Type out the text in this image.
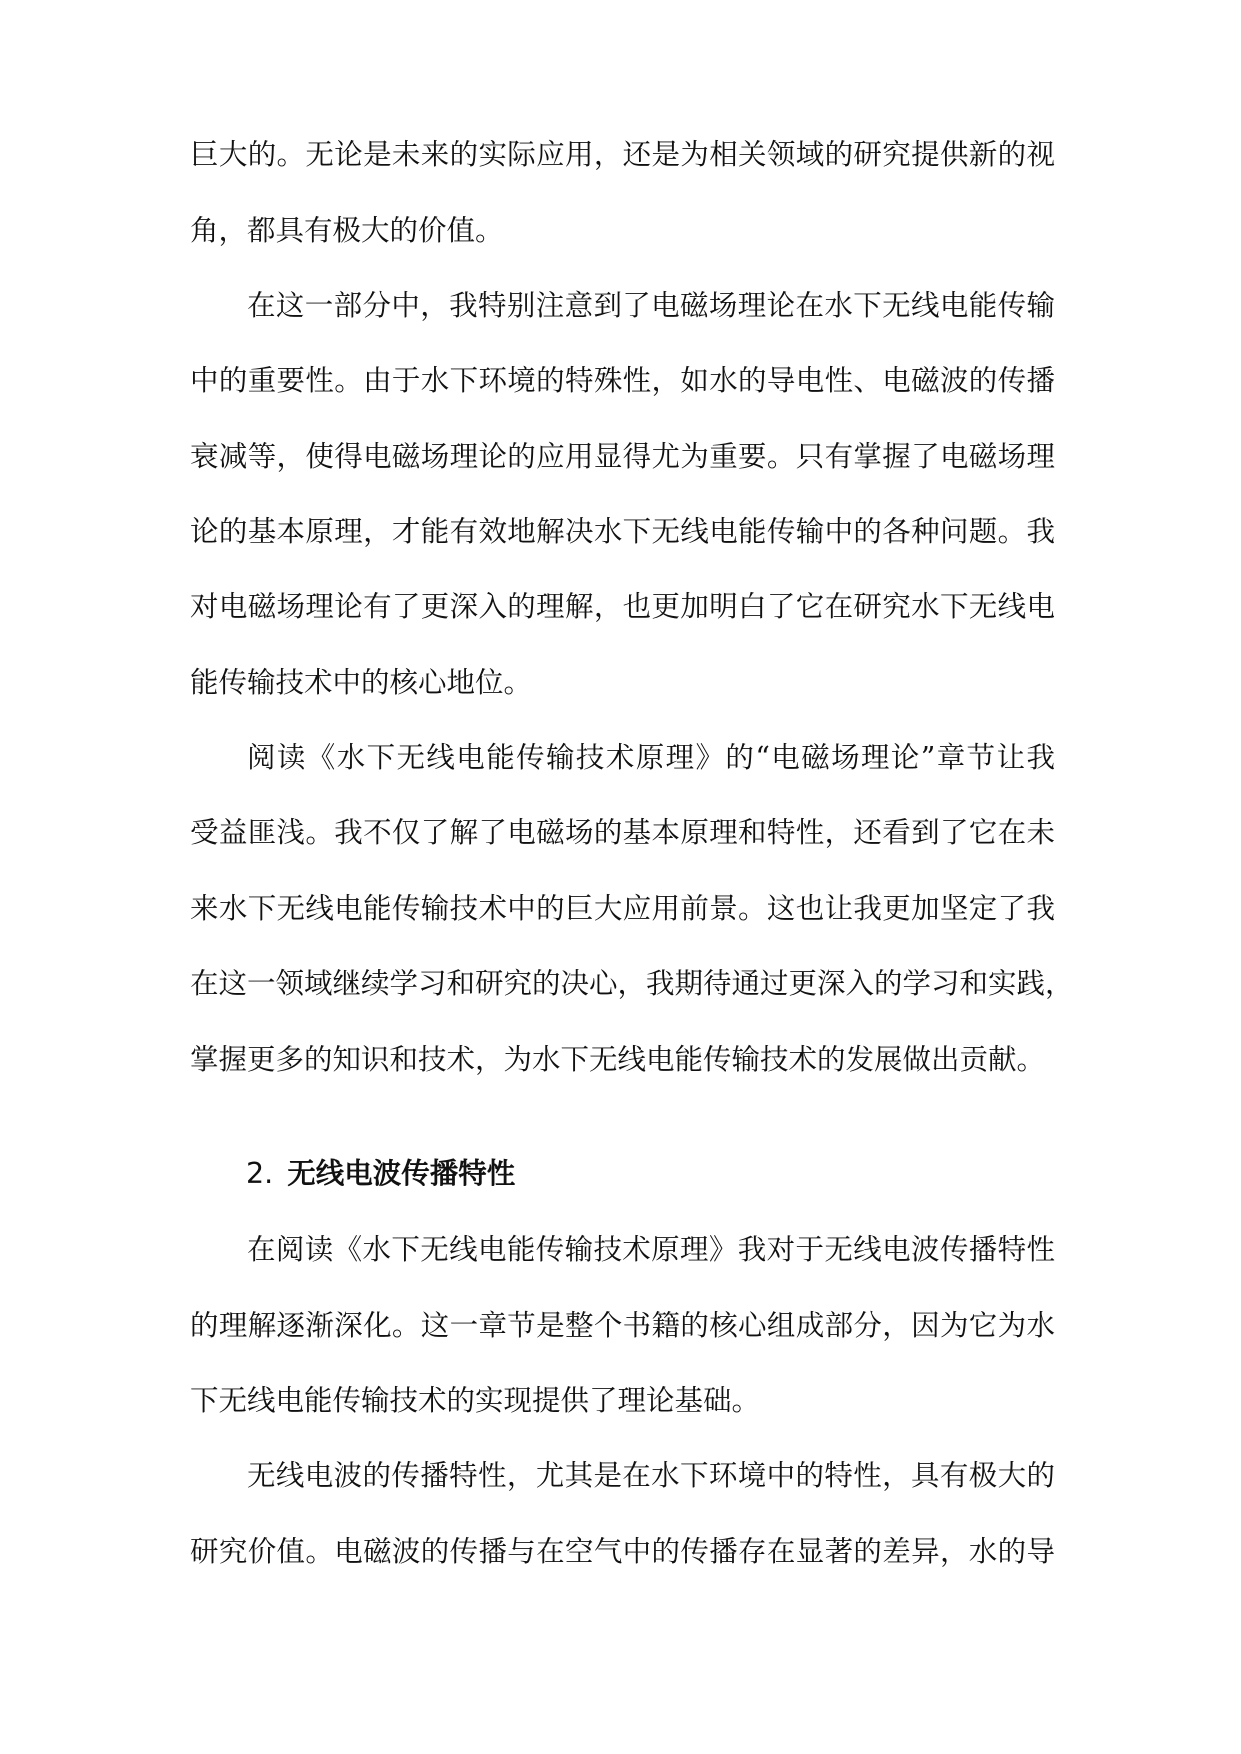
巨大的。无论是未来的实际应用，还是为相关领域的研究提供新的视
角，都具有极大的价值。
在这一部分中，我特别注意到了电磁场理论在水下无线电能传输
中的重要性。由于水下环境的特殊性，如水的导电性、电磁波的传播
衰减等，使得电磁场理论的应用显得尤为重要。只有掌握了电磁场理
论的基本原理，才能有效地解决水下无线电能传输中的各种问题。我
对电磁场理论有了更深入的理解，也更加明白了它在研究水下无线电
能传输技术中的核心地位。
阅读《水下无线电能传输技术原理》的“电磁场理论”章节让我
受益匪浅。我不仅了解了电磁场的基本原理和特性，还看到了它在未
来水下无线电能传输技术中的巨大应用前景。这也让我更加坚定了我
在这一领域继续学习和研究的决心，我期待通过更深入的学习和实践，
掌握更多的知识和技术，为水下无线电能传输技术的发展做出贡献。
2. 无线电波传播特性
在阅读《水下无线电能传输技术原理》我对于无线电波传播特性
的理解逐渐深化。这一章节是整个书籍的核心组成部分，因为它为水
下无线电能传输技术的实现提供了理论基础。
无线电波的传播特性，尤其是在水下环境中的特性，具有极大的
研究价值。电磁波的传播与在空气中的传播存在显著的差异，水的导
